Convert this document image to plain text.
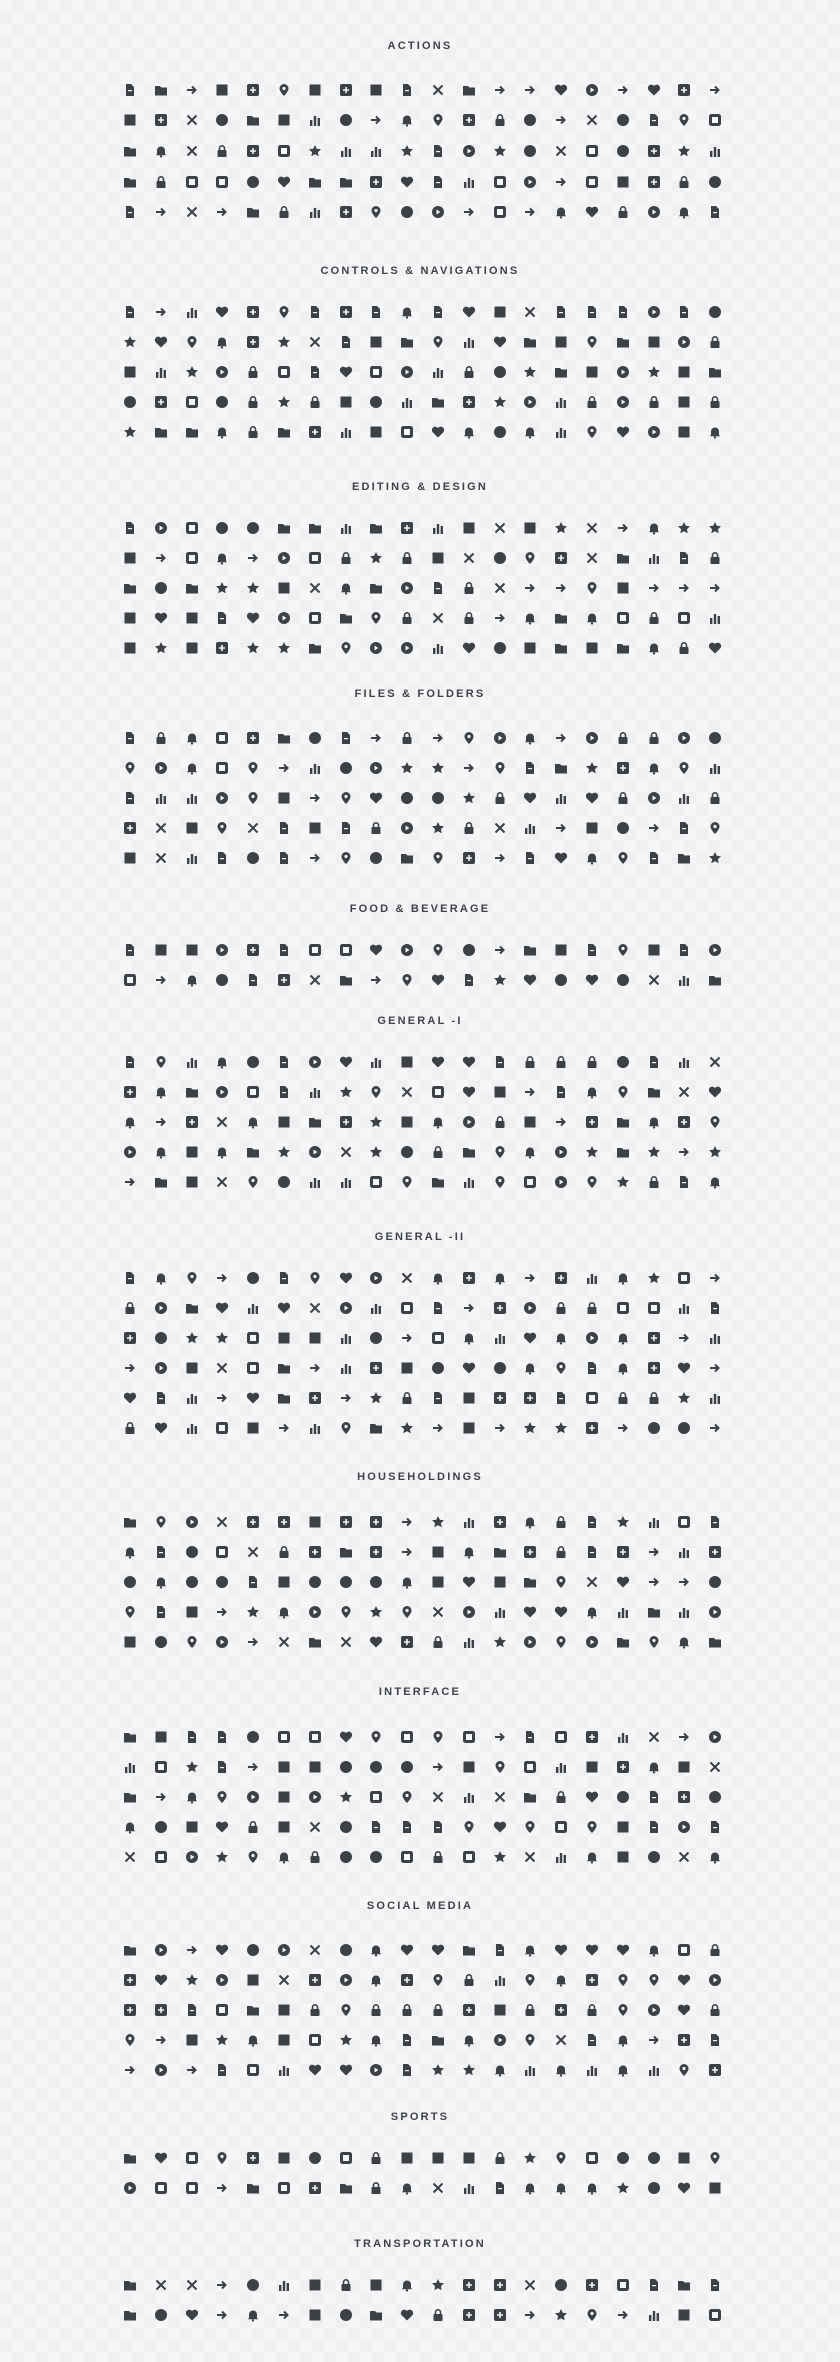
ACTIONS
CONTROLS & NAVIGATIONS
EDITING & DESIGN
FILES & FOLDERS
FOOD & BEVERAGE
GENERAL -I
GENERAL -II
HOUSEHOLDINGS
INTERFACE
SOCIAL MEDIA
SPORTS
TRANSPORTATION
